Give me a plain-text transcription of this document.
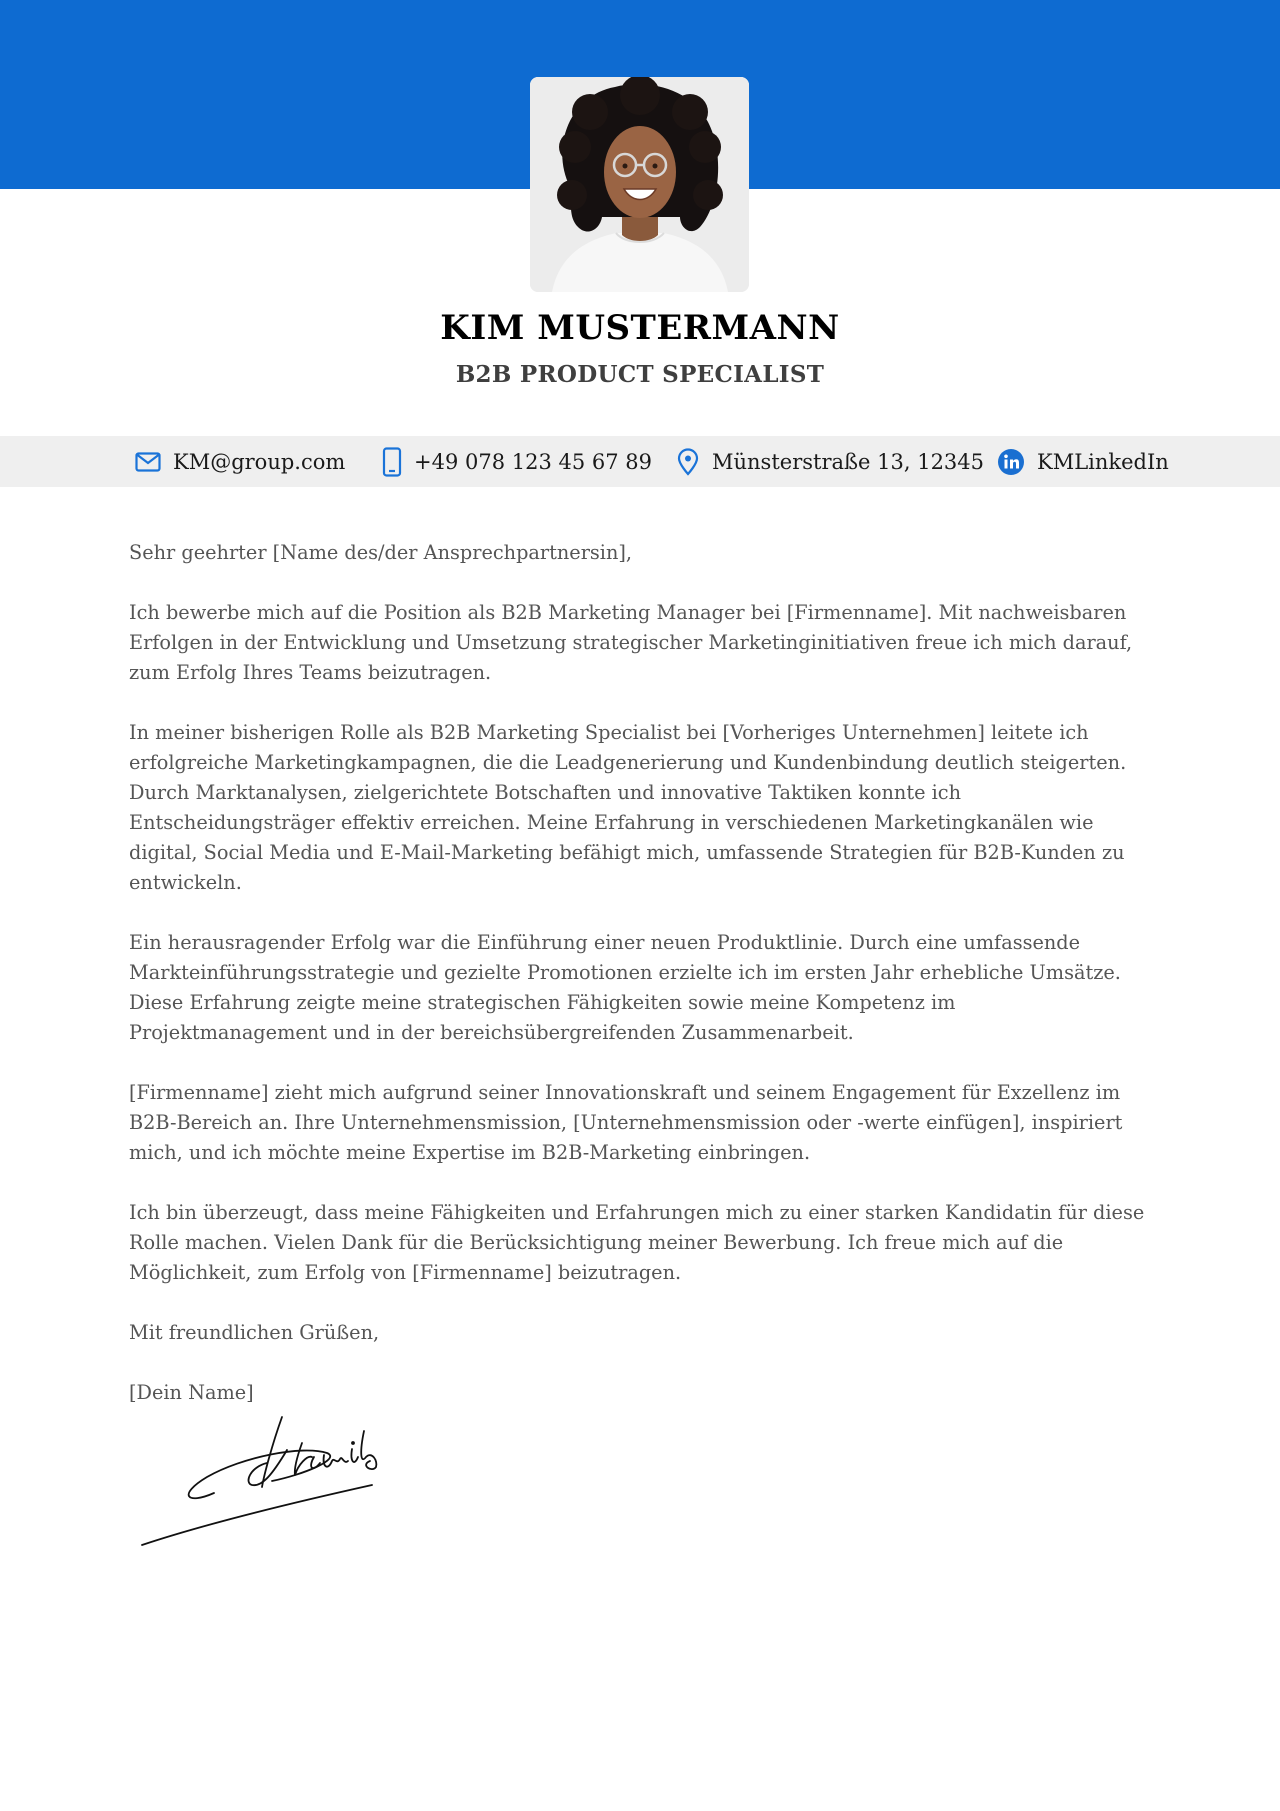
KIM MUSTERMANN
B2B PRODUCT SPECIALIST
KM@group.com	+49 078 123 45 67 89	Münsterstraße 13, 12345	KMLinkedIn

Sehr geehrter [Name des/der Ansprechpartnersin],

Ich bewerbe mich auf die Position als B2B Marketing Manager bei [Firmenname]. Mit nachweisbaren Erfolgen in der Entwicklung und Umsetzung strategischer Marketinginitiativen freue ich mich darauf, zum Erfolg Ihres Teams beizutragen.

In meiner bisherigen Rolle als B2B Marketing Specialist bei [Vorheriges Unternehmen] leitete ich erfolgreiche Marketingkampagnen, die die Leadgenerierung und Kundenbindung deutlich steigerten. Durch Marktanalysen, zielgerichtete Botschaften und innovative Taktiken konnte ich Entscheidungsträger effektiv erreichen. Meine Erfahrung in verschiedenen Marketingkanälen wie digital, Social Media und E-Mail-Marketing befähigt mich, umfassende Strategien für B2B-Kunden zu entwickeln.

Ein herausragender Erfolg war die Einführung einer neuen Produktlinie. Durch eine umfassende Markteinführungsstrategie und gezielte Promotionen erzielte ich im ersten Jahr erhebliche Umsätze. Diese Erfahrung zeigte meine strategischen Fähigkeiten sowie meine Kompetenz im Projektmanagement und in der bereichsübergreifenden Zusammenarbeit.

[Firmenname] zieht mich aufgrund seiner Innovationskraft und seinem Engagement für Exzellenz im B2B-Bereich an. Ihre Unternehmensmission, [Unternehmensmission oder -werte einfügen], inspiriert mich, und ich möchte meine Expertise im B2B-Marketing einbringen.

Ich bin überzeugt, dass meine Fähigkeiten und Erfahrungen mich zu einer starken Kandidatin für diese Rolle machen. Vielen Dank für die Berücksichtigung meiner Bewerbung. Ich freue mich auf die Möglichkeit, zum Erfolg von [Firmenname] beizutragen.

Mit freundlichen Grüßen,

[Dein Name]
